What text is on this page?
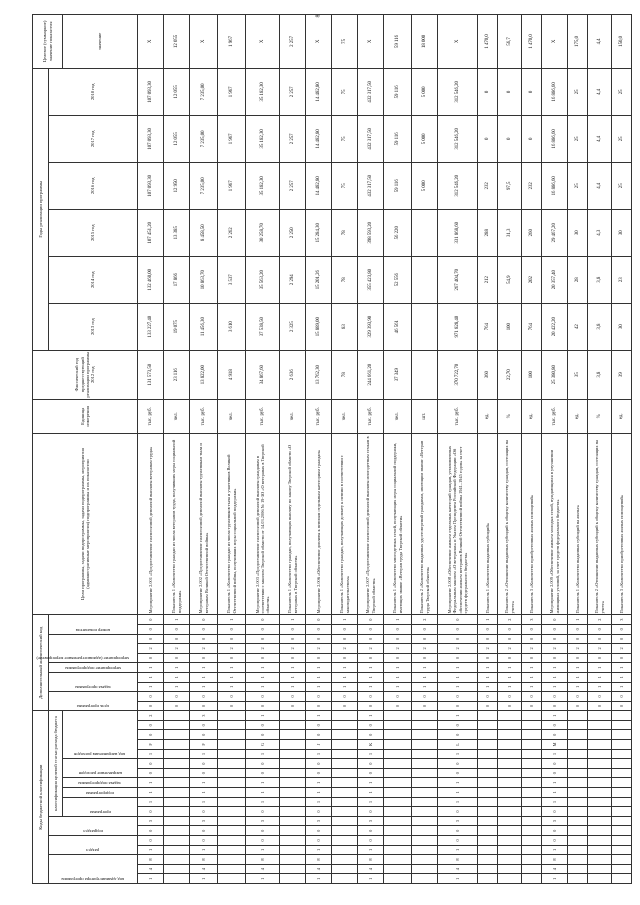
8
Коды бюджетной классификации																		Дополнительный аналитический код										Цели программы, задачи подпрограммы, задачи подпрограммы, мероприятия (административные мероприятия) подпрограммы и их показатели	Единица измерения	Фактический год предшествующий реализации программы 2012 год	Годы реализации программы						Целевое (суммарное) значение показателя

код администратора программы			раздел		подраздел		классификация целевой статьи расхода бюджета											цель программы		задача программы		мероприятие подпрограммы	мероприятие (административное мероприятие)			номер показателя					2013 год	2014 год	2015 год	2016 год	2017 год	2018 год	

							программа		подпрограмма	задача подпрограммы	направление расходов		код направления расходов																								значение
1	4	8	1	0	0	3	0	1	1	1	0	0	1	F	0	0	2	0	0	1	1	1	0	2	0	0	0	Мероприятие 2.001 «Предоставление ежемесячной денежной выплаты ветеранам труда»	тыс. руб.	131 573,50	133 227,40	132 460,00	107 451,20	107 093,30	107 093,30	107 093,30	Х
																		0	0	1	1	1	0	2	0	0	1	Показатель 1 «Количество граждан из числа ветеранов труда, получивших меры социальной поддержки»	чел.	23 116	19 075	17 866	13 385	12 950	12 055	12 055	12 055
1	4	8	1	0	0	3	0	1	1	1	0	0	1	F	0	0	3	0	0	1	1	1	0	2	0	0	0	Мероприятие 2.002 «Предоставление ежемесячной денежной выплаты труженикам тыла и ветеранам Великой Отечественной войны»	тыс. руб.	13 822,00	11 456,30	10 863,70	8 458,50	7 235,00	7 235,00	7 235,00	Х
																		0	0	1	1	1	0	2	0	0	1	Показатель 1 «Количество граждан из числа тружеников тыла и участников Великой Отечественной войны, получивших меры социальной поддержки»	чел.	4 918	3 610	3 537	2 262	1 967	1 967	1 967	1 967
1	4	8	1	0	0	3	0	1	1	1	0	0	1	G	0	0	1	0	0	1	1	1	0	2	0	0	0	Мероприятие 2.003 «Предоставление ежемесячной денежной выплаты гражданам в соответствии с законом Тверской области от 14.03.2006 № 19-ЗО «О ветеранах в Тверской области»	тыс. руб.	34 867,60	37 538,50	35 563,20	30 258,70	35 182,30	35 182,30	35 182,30	Х
																		0	0	1	1	1	0	2	0	0	1	Показатель 1 «Количество граждан, получающих выплату по закону Тверской области «О ветеранах в Тверской области»	чел.	2 636	2 325	2 294	2 250	2 257	2 257	2 257	2 257
1	4	8	1	0	0	3	0	1	1	1	0	0	1	J	0	0	1	0	0	1	1	1	0	2	0	0	0	Мероприятие 2.006 «Обеспечение доплаты к пенсиям отдельным категориям граждан»	тыс. руб.	13 762,30	15 889,00	15 201,26	15 284,30	14 482,80	14 482,80	14 482,80	Х
																		0	0	1	1	1	0	2	0	0	1	Показатель 1 «Количество граждан, получающих доплату к пенсии в соответствии с законодательством»	чел.	78	83	78	78	75	75	75	75
1	4	8	1	0	0	3	0	1	1	1	0	0	1	K	0	0	1	0	0	1	1	1	0	2	0	0	0	Мероприятие 2.007 «Предоставление ежемесячной денежной выплаты многодетным семьям в Тверской области»	тыс. руб.	244 661,20	329 393,90	355 423,80	398 593,20	432 317,50	432 317,50	432 317,50	Х
																		0	0	1	1	1	0	2	0	0	1	Показатель 1 «Количество многодетных семей, получающих меры социальной поддержки, имеющих звание «Ветеран труда Тверской области»	чел.	37 349	46 561	52 556	56 220	59 116	59 116	59 116	59 116
																		0	0	1	1	1	0	2	0	0	2	Показатель 2 «Количество выданных удостоверений гражданам, имеющим звание «Ветеран труда Тверской области»	шт.					5 000	5 000	5 000	18 000
1	4	8	1	0	0	3	0	1	1	1	0	0	1	L	0	0	1	0	0	1	1	1	0	2	0	0	0	Мероприятие 2.008 «Обеспечение жильем отдельных категорий граждан, установленных Федеральным законом «О ветеранах» и Указом Президента Российской Федерации «Об обеспечении жильем ветеранов Великой Отечественной войны 1941–1945 годов» за счет средств федерального бюджета»	тыс. руб.	370 722,70	971 828,40	267 404,70	331 868,60	312 546,20	312 546,20	312 546,20	Х
																		0	0	1	1	1	0	2	0	0	1	Показатель 1 «Количество выданных субсидий»	ед.	360	764	212	288	232	0	0	1 470,0
																		0	0	1	1	1	0	2	0	0	2	Показатель 2 «Отношение выданных субсидий к общему количеству граждан, состоящих на учете»	%	22,70	100	54,9	31,3	97,5	0	0	56,7
																		0	0	1	1	1	0	2	0	0	3	Показатель 3 «Количество приобретенных жилых помещений»	ед.	100	764	202	260	232	0	0	1 470,0
1	4	8	1	0	0	3	0	1	1	1	0	0	1	M	0	0	1	0	0	1	1	1	0	2	0	0	0	Мероприятие 2.009 «Обеспечение жильем молодых семей, нуждающихся в улучшении жилищных условий, за счет средств федерального бюджета»	тыс. руб.	25 380,80	20 422,20	20 357,40	29 467,20	16 886,60	16 886,60	16 886,60	Х
																		0	0	1	1	1	0	2	0	0	1	Показатель 1 «Количество выданных субсидий на жилье»	ед.	35	42	28	30	25	25	25	175,0
																		0	0	1	1	1	0	2	0	0	2	Показатель 2 «Отношение выданных субсидий к общему количеству граждан, состоящих на учете»	%	3,8	3,8	3,8	4,3	4,4	4,4	4,4	4,4
																		0	0	1	1	1	0	2	0	0	3	Показатель 3 «Количество приобретенных жилых помещений»	ед.	39	30	23	30	25	25	25	150,0
